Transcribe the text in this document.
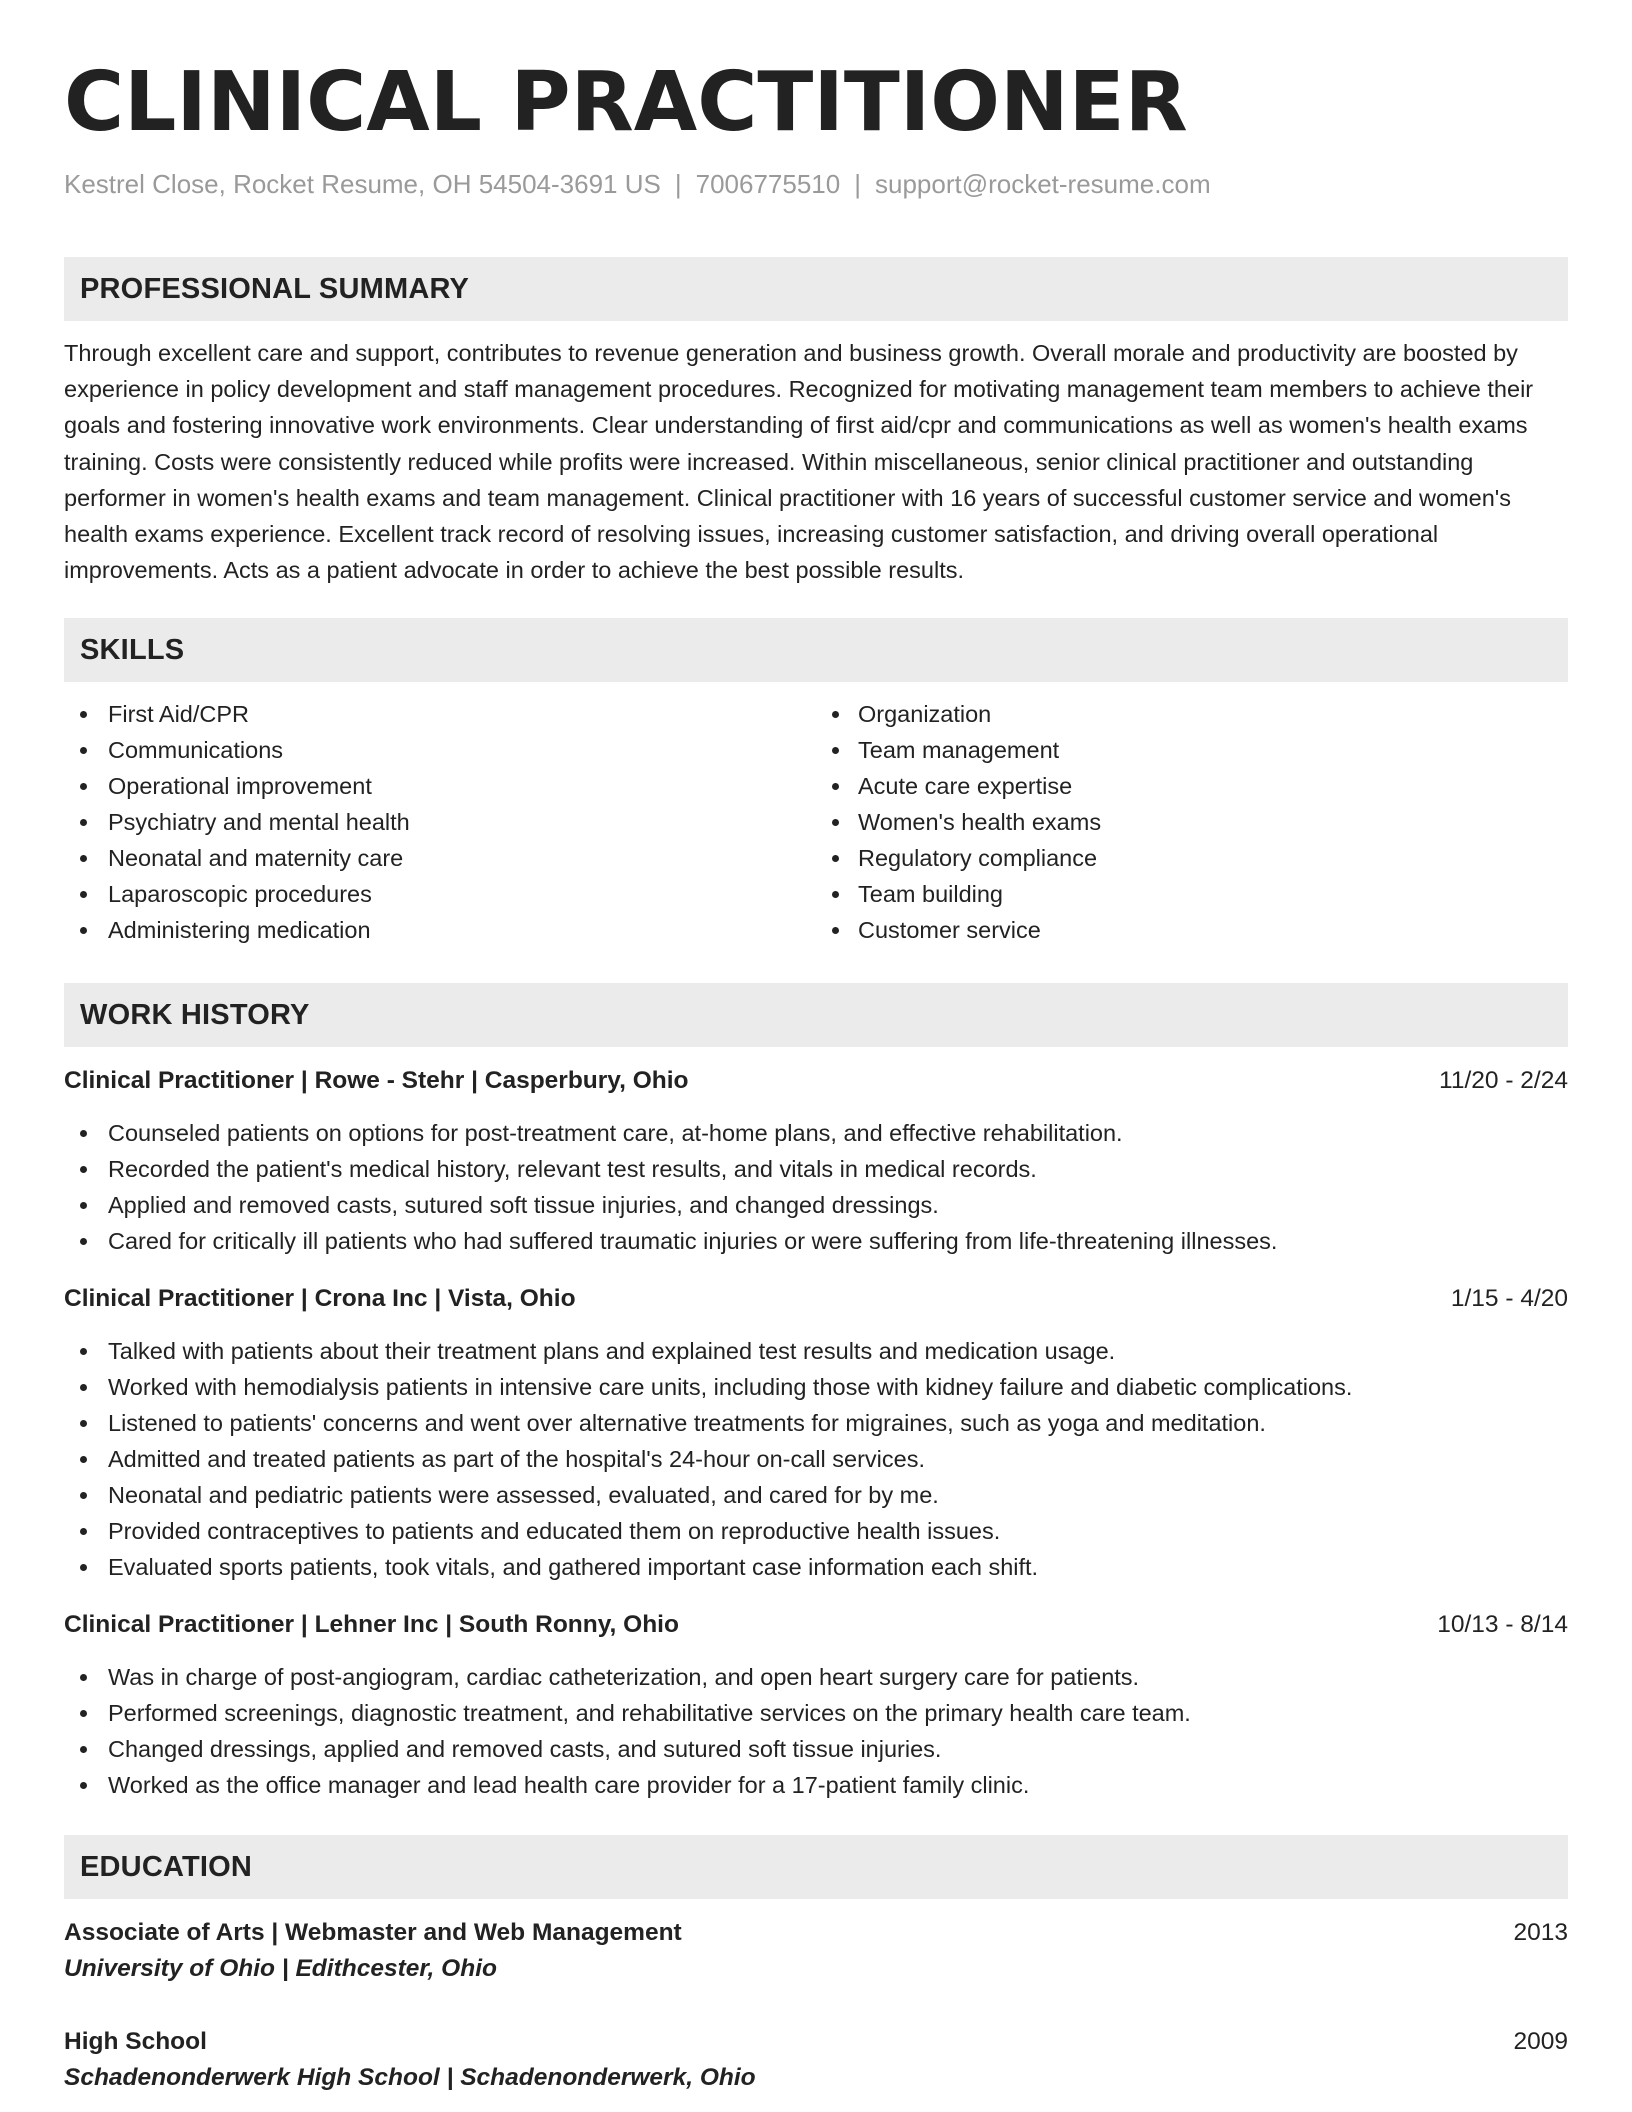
CLINICAL PRACTITIONER
Kestrel Close, Rocket Resume, OH 54504-3691 US | 7006775510 | support@rocket-resume.com
PROFESSIONAL SUMMARY
Through excellent care and support, contributes to revenue generation and business growth. Overall morale and productivity are boosted by experience in policy development and staff management procedures. Recognized for motivating management team members to achieve their goals and fostering innovative work environments. Clear understanding of first aid/cpr and communications as well as women's health exams training. Costs were consistently reduced while profits were increased. Within miscellaneous, senior clinical practitioner and outstanding performer in women's health exams and team management. Clinical practitioner with 16 years of successful customer service and women's health exams experience. Excellent track record of resolving issues, increasing customer satisfaction, and driving overall operational improvements. Acts as a patient advocate in order to achieve the best possible results.
SKILLS
First Aid/CPR
Communications
Operational improvement
Psychiatry and mental health
Neonatal and maternity care
Laparoscopic procedures
Administering medication
Organization
Team management
Acute care expertise
Women's health exams
Regulatory compliance
Team building
Customer service
WORK HISTORY
Clinical Practitioner | Rowe - Stehr | Casperbury, Ohio	11/20 - 2/24
Counseled patients on options for post-treatment care, at-home plans, and effective rehabilitation.
Recorded the patient's medical history, relevant test results, and vitals in medical records.
Applied and removed casts, sutured soft tissue injuries, and changed dressings.
Cared for critically ill patients who had suffered traumatic injuries or were suffering from life-threatening illnesses.
Clinical Practitioner | Crona Inc | Vista, Ohio	1/15 - 4/20
Talked with patients about their treatment plans and explained test results and medication usage.
Worked with hemodialysis patients in intensive care units, including those with kidney failure and diabetic complications.
Listened to patients' concerns and went over alternative treatments for migraines, such as yoga and meditation.
Admitted and treated patients as part of the hospital's 24-hour on-call services.
Neonatal and pediatric patients were assessed, evaluated, and cared for by me.
Provided contraceptives to patients and educated them on reproductive health issues.
Evaluated sports patients, took vitals, and gathered important case information each shift.
Clinical Practitioner | Lehner Inc | South Ronny, Ohio	10/13 - 8/14
Was in charge of post-angiogram, cardiac catheterization, and open heart surgery care for patients.
Performed screenings, diagnostic treatment, and rehabilitative services on the primary health care team.
Changed dressings, applied and removed casts, and sutured soft tissue injuries.
Worked as the office manager and lead health care provider for a 17-patient family clinic.
EDUCATION
Associate of Arts | Webmaster and Web Management	2013
University of Ohio | Edithcester, Ohio
High School	2009
Schadenonderwerk High School | Schadenonderwerk, Ohio
